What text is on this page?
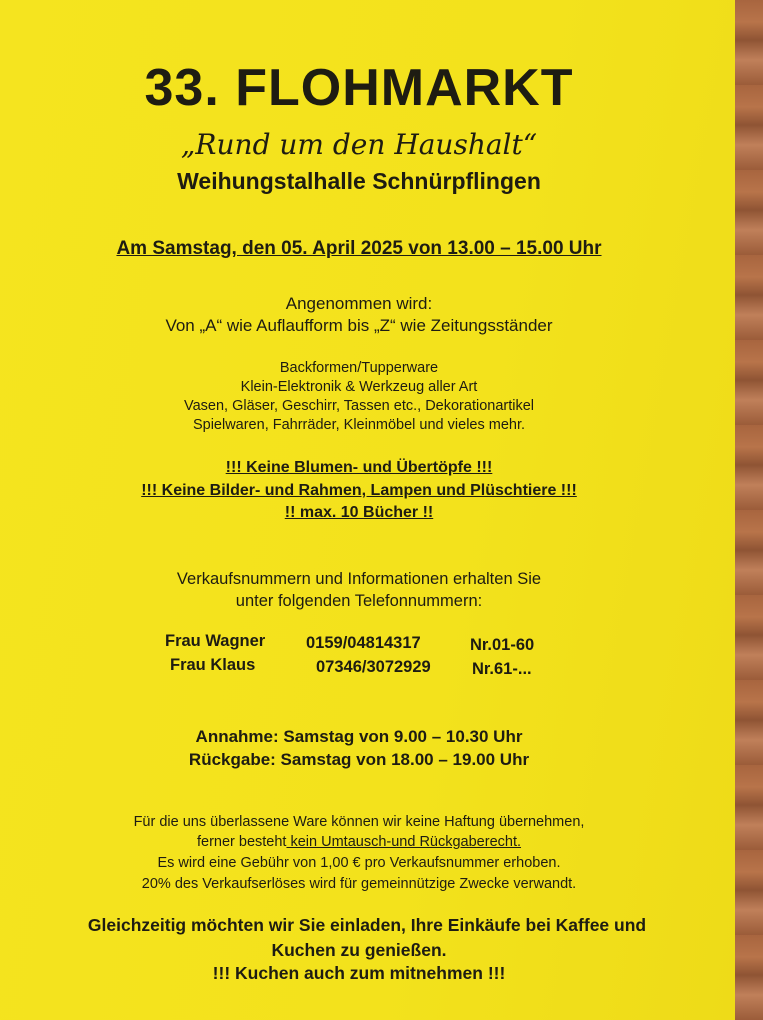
33. FLOHMARKT
„Rund um den Haushalt“
Weihungstalhalle Schnürpflingen
Am Samstag, den 05. April 2025 von 13.00 – 15.00 Uhr
Angenommen wird:
Von „A“ wie Auflaufform bis „Z“ wie Zeitungsständer
Backformen/Tupperware
Klein-Elektronik & Werkzeug aller Art
Vasen, Gläser, Geschirr, Tassen etc., Dekorationartikel
Spielwaren, Fahrräder, Kleinmöbel und vieles mehr.
!!! Keine Blumen- und Übertöpfe !!!
!!! Keine Bilder- und Rahmen, Lampen und Plüschtiere !!!
!! max. 10 Bücher !!
Verkaufsnummern und Informationen erhalten Sie
unter folgenden Telefonnummern:
Frau Wagner 0159/04814317	Nr.01-60
Frau Klaus	07346/3072929	Nr.61-...
Annahme: Samstag von 9.00 – 10.30 Uhr
Rückgabe: Samstag von 18.00 – 19.00 Uhr
Für die uns überlassene Ware können wir keine Haftung übernehmen,
ferner besteht kein Umtausch-und Rückgaberecht.
Es wird eine Gebühr von 1,00 € pro Verkaufsnummer erhoben.
20% des Verkaufserlöses wird für gemeinnützige Zwecke verwandt.
Gleichzeitig möchten wir Sie einladen, Ihre Einkäufe bei Kaffee und
Kuchen zu genießen.
!!! Kuchen auch zum mitnehmen !!!
